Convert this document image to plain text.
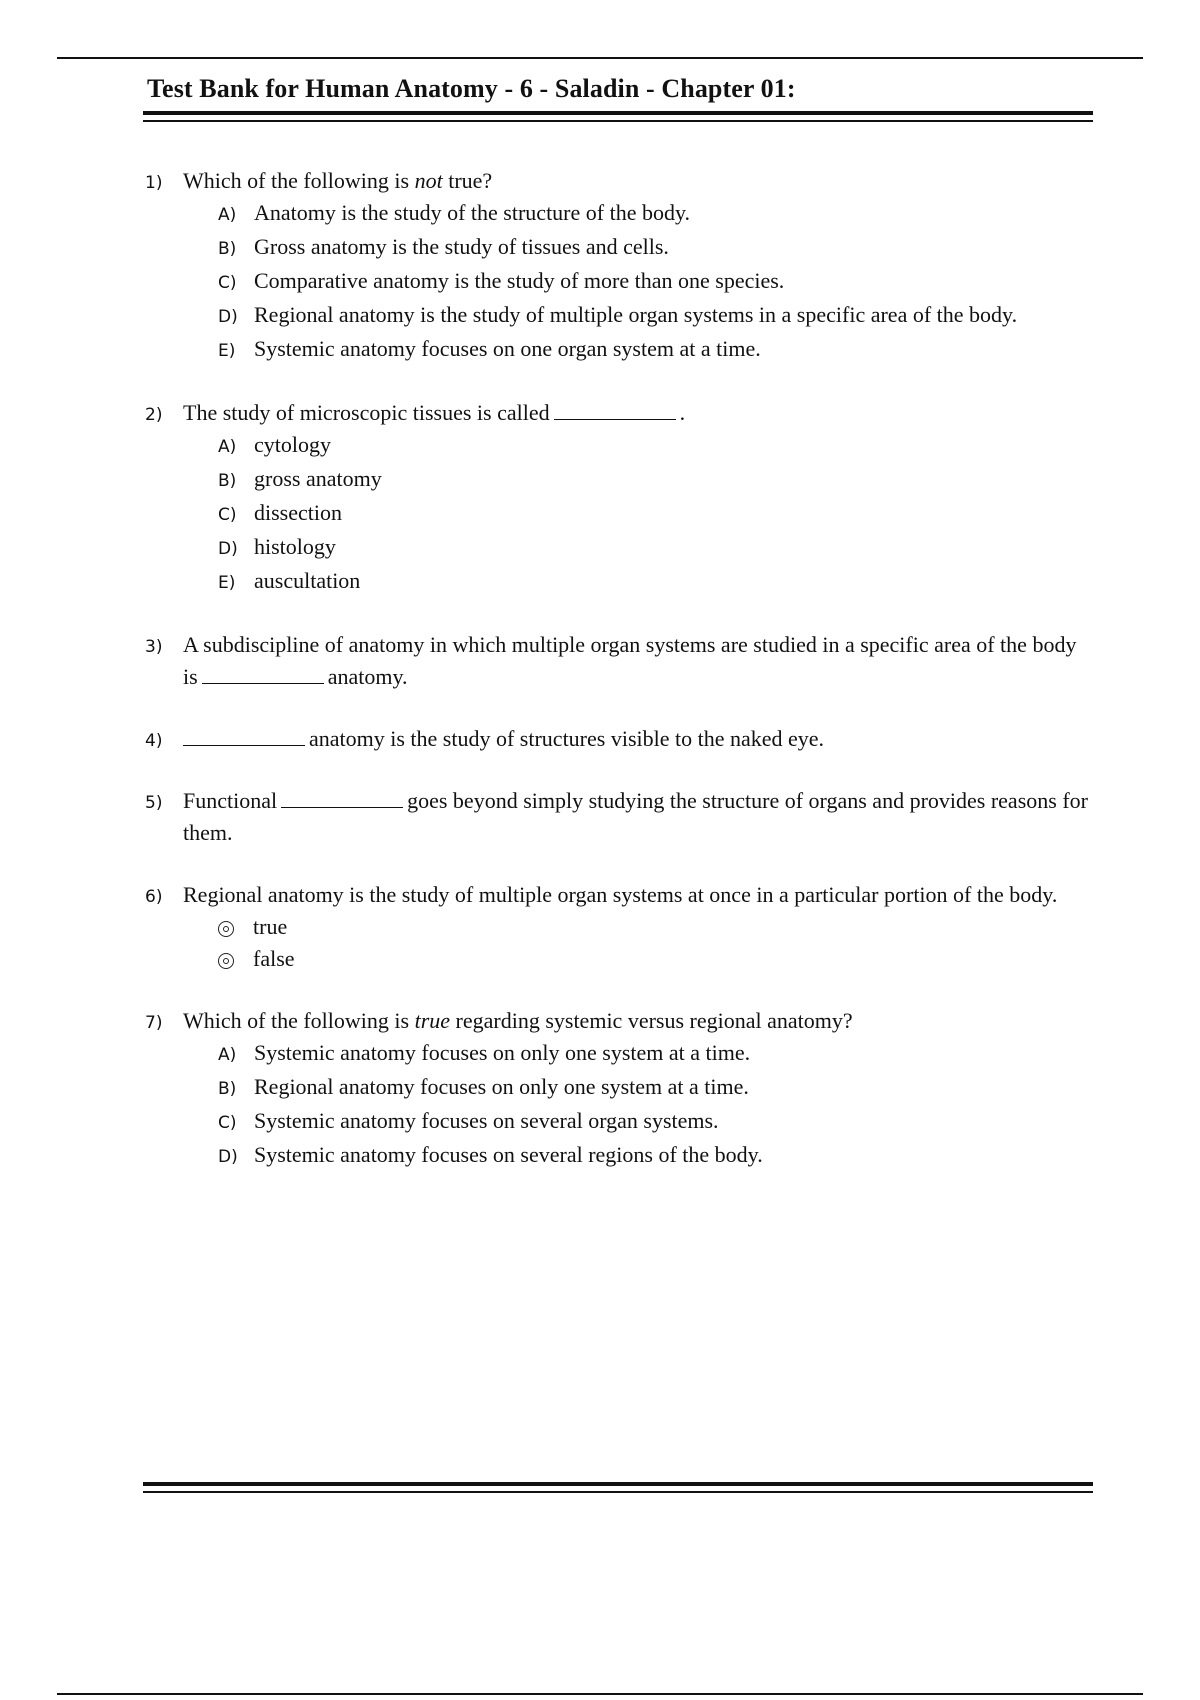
Test Bank for Human Anatomy - 6 - Saladin - Chapter 01:
1) Which of the following is not true?
A) Anatomy is the study of the structure of the body.
B) Gross anatomy is the study of tissues and cells.
C) Comparative anatomy is the study of more than one species.
D) Regional anatomy is the study of multiple organ systems in a specific area of the body.
E) Systemic anatomy focuses on one organ system at a time.
2) The study of microscopic tissues is called	.
A) cytology
B) gross anatomy
C) dissection
D) histology
E) auscultation
3) A subdiscipline of anatomy in which multiple organ systems are studied in a specific area of the body is	anatomy.
4)	anatomy is the study of structures visible to the naked eye.
5) Functional	goes beyond simply studying the structure of organs and provides reasons for them.
6) Regional anatomy is the study of multiple organ systems at once in a particular portion of the body.
true
false
7) Which of the following is true regarding systemic versus regional anatomy?
A) Systemic anatomy focuses on only one system at a time.
B) Regional anatomy focuses on only one system at a time.
C) Systemic anatomy focuses on several organ systems.
D) Systemic anatomy focuses on several regions of the body.
